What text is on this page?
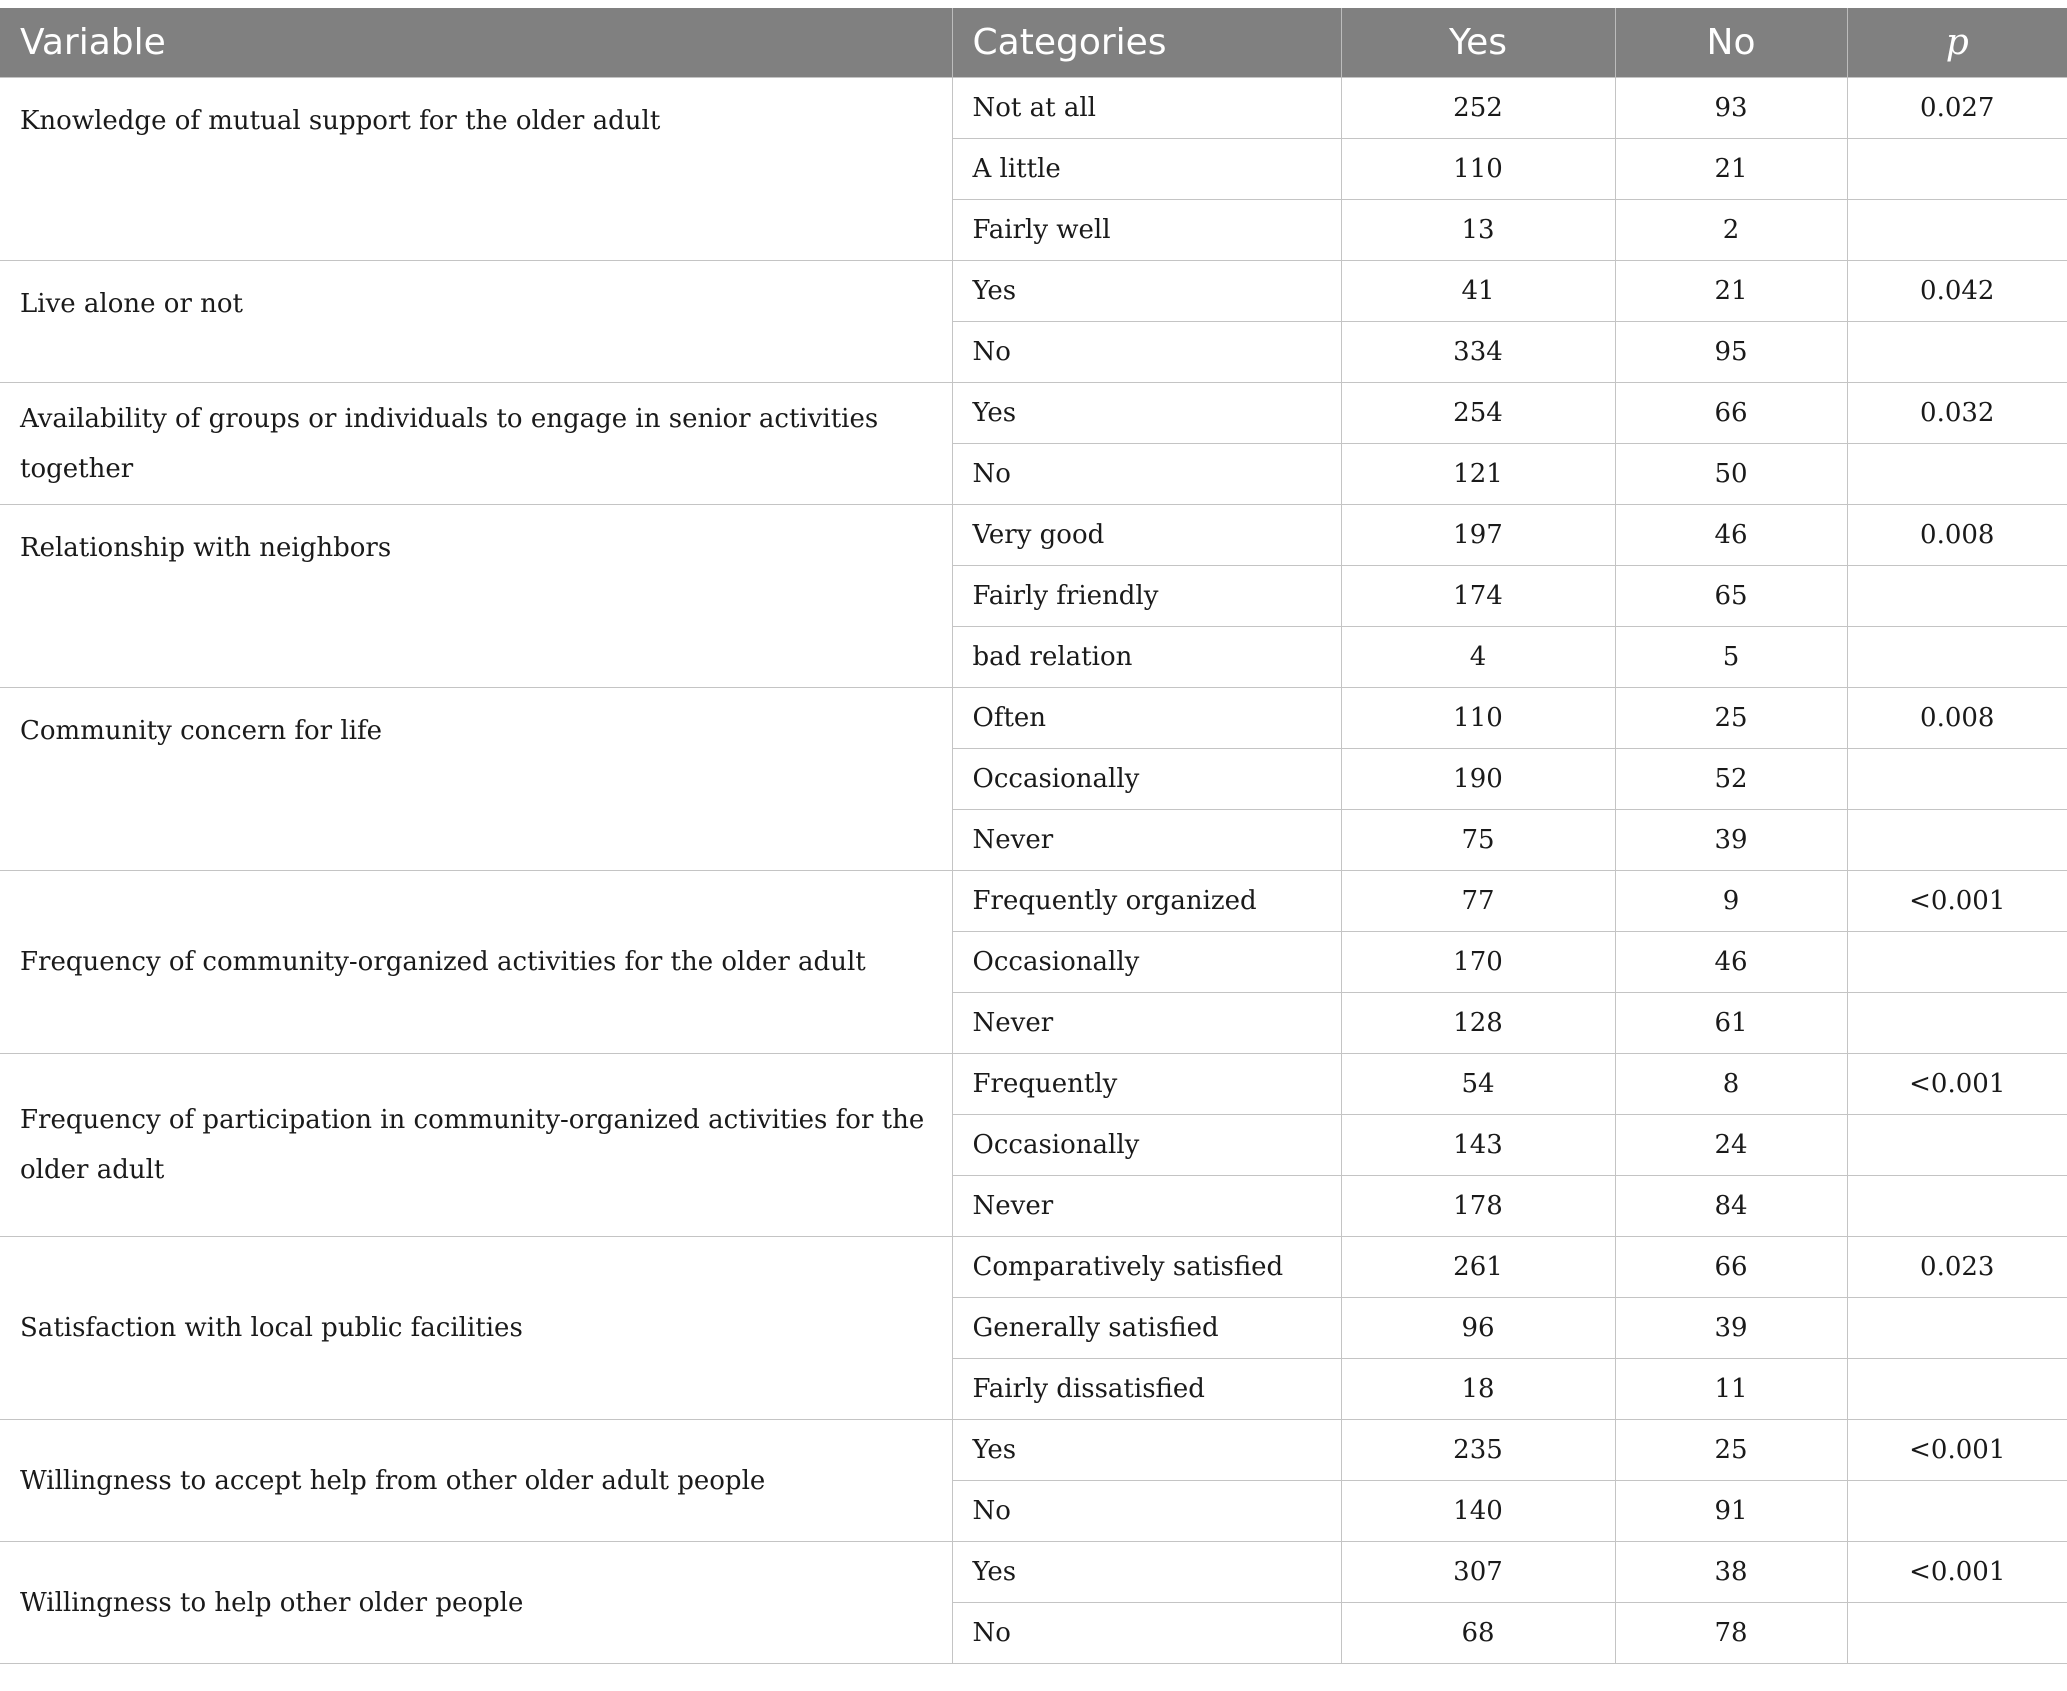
Variable	Categories	Yes	No	p

Knowledge of mutual support for the older adult	Not at all	252	93	0.027
	A little	110	21	
	Fairly well	13	2	

Live alone or not	Yes	41	21	0.042
	No	334	95	

Availability of groups or individuals to engage in senior activities together	Yes	254	66	0.032
	No	121	50	

Relationship with neighbors	Very good	197	46	0.008
	Fairly friendly	174	65	
	bad relation	4	5	

Community concern for life	Often	110	25	0.008
	Occasionally	190	52	
	Never	75	39	

Frequency of community-organized activities for the older adult	Frequently organized	77	9	<0.001
	Occasionally	170	46	
	Never	128	61	

Frequency of participation in community-organized activities for the older adult	Frequently	54	8	<0.001
	Occasionally	143	24	
	Never	178	84	

Satisfaction with local public facilities	Comparatively satisfied	261	66	0.023
	Generally satisfied	96	39	
	Fairly dissatisfied	18	11	

Willingness to accept help from other older adult people	Yes	235	25	<0.001
	No	140	91	

Willingness to help other older people	Yes	307	38	<0.001
	No	68	78	
